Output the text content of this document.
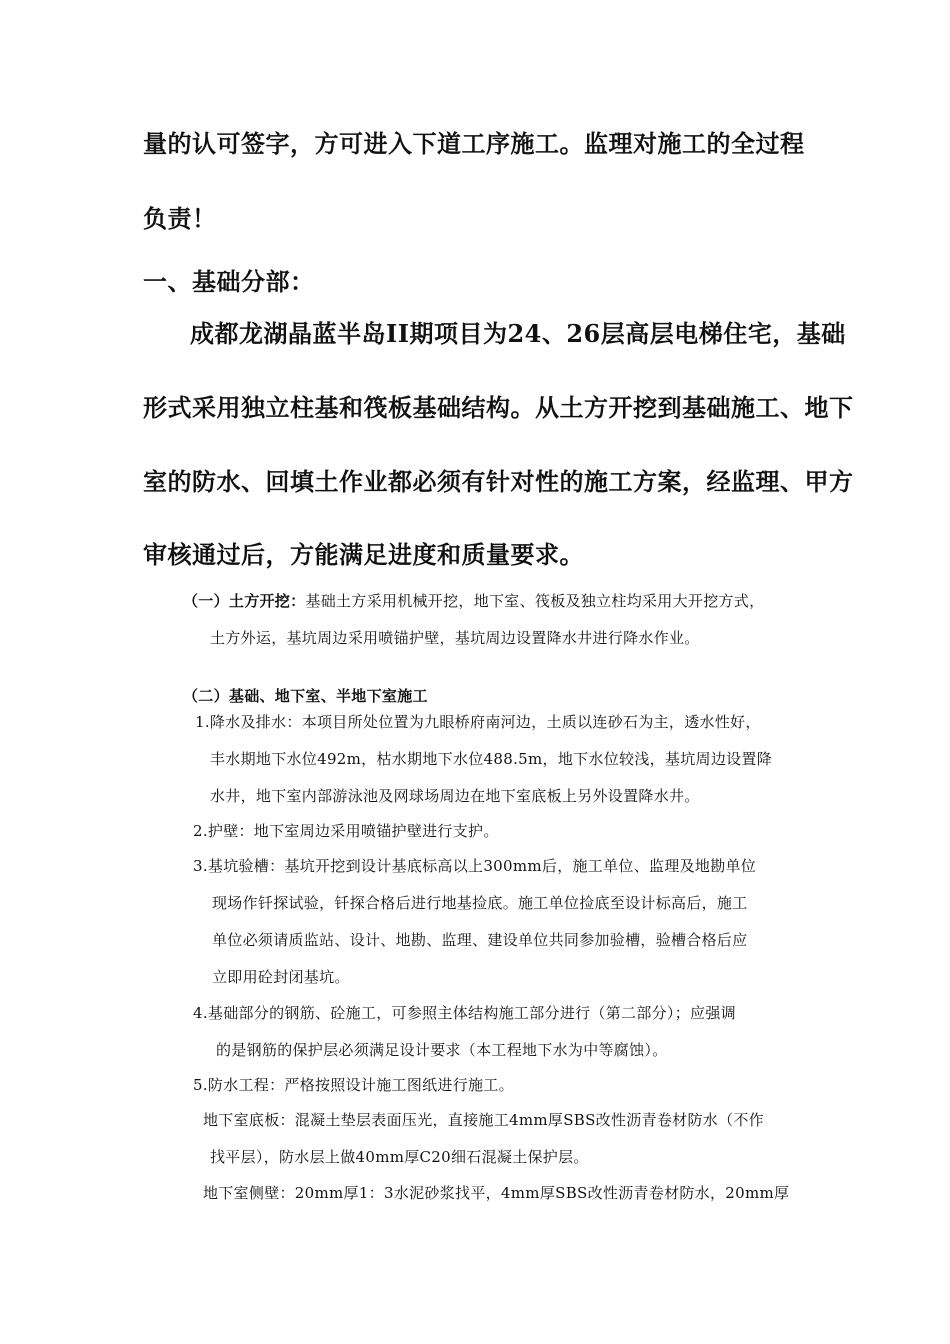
量的认可签字，方可进入下道工序施工。监理对施工的全过程
负责！
一、基础分部：
成都龙湖晶蓝半岛II期项目为24、26层高层电梯住宅，基础
形式采用独立柱基和筏板基础结构。从土方开挖到基础施工、地下
室的防水、回填土作业都必须有针对性的施工方案，经监理、甲方
审核通过后，方能满足进度和质量要求。
（一）土方开挖：基础土方采用机械开挖，地下室、筏板及独立柱均采用大开挖方式，
土方外运，基坑周边采用喷锚护壁，基坑周边设置降水井进行降水作业。
（二）基础、地下室、半地下室施工
1.降水及排水：本项目所处位置为九眼桥府南河边，土质以连砂石为主，透水性好，
丰水期地下水位492m，枯水期地下水位488.5m，地下水位较浅，基坑周边设置降
水井，地下室内部游泳池及网球场周边在地下室底板上另外设置降水井。
2.护壁：地下室周边采用喷锚护壁进行支护。
3.基坑验槽：基坑开挖到设计基底标高以上300mm后，施工单位、监理及地勘单位
现场作钎探试验，钎探合格后进行地基捡底。施工单位捡底至设计标高后，施工
单位必须请质监站、设计、地勘、监理、建设单位共同参加验槽，验槽合格后应
立即用砼封闭基坑。
4.基础部分的钢筋、砼施工，可参照主体结构施工部分进行（第二部分）；应强调
的是钢筋的保护层必须满足设计要求（本工程地下水为中等腐蚀）。
5.防水工程：严格按照设计施工图纸进行施工。
地下室底板：混凝土垫层表面压光，直接施工4mm厚SBS改性沥青卷材防水（不作
找平层），防水层上做40mm厚C20细石混凝土保护层。
地下室侧壁：20mm厚1：3水泥砂浆找平，4mm厚SBS改性沥青卷材防水，20mm厚
